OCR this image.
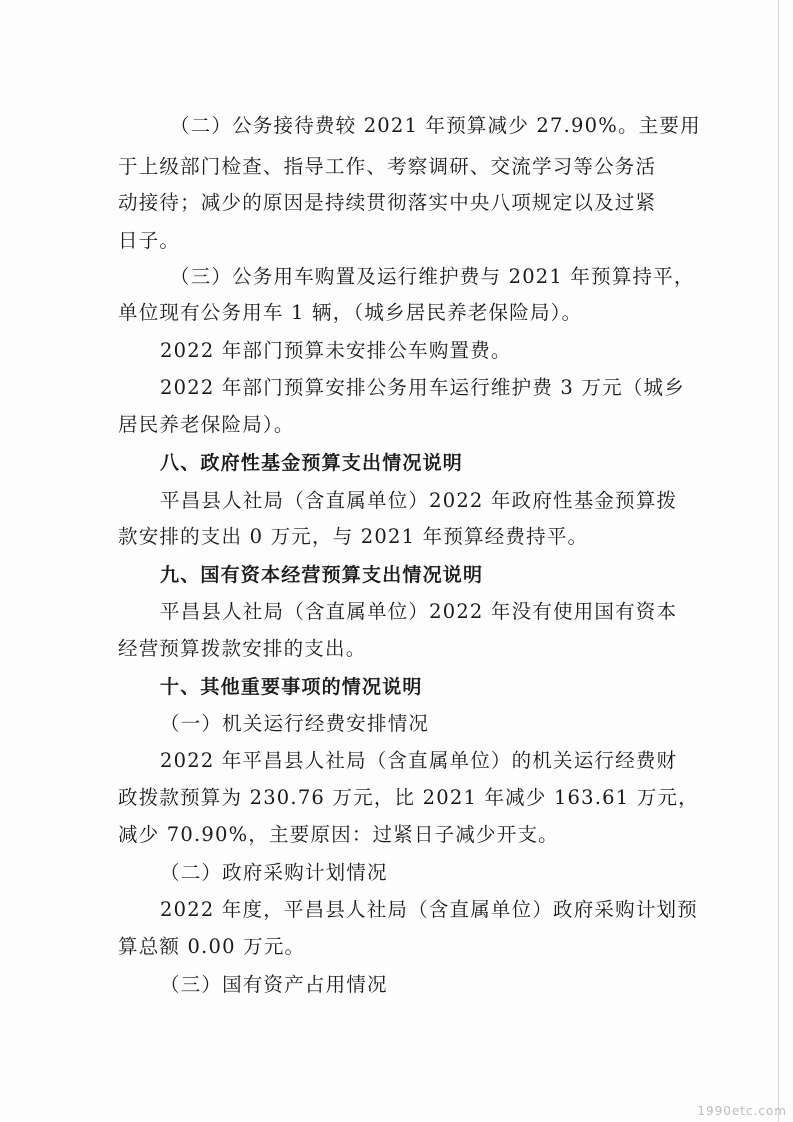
（二）公务接待费较 2021 年预算减少 27.90%。主要用
于上级部门检查、指导工作、考察调研、交流学习等公务活
动接待；减少的原因是持续贯彻落实中央八项规定以及过紧
日子。
（三）公务用车购置及运行维护费与 2021 年预算持平，
单位现有公务用车 1 辆，（城乡居民养老保险局）。
2022 年部门预算未安排公车购置费。
2022 年部门预算安排公务用车运行维护费 3 万元（城乡
居民养老保险局）。
八、政府性基金预算支出情况说明
平昌县人社局（含直属单位）2022 年政府性基金预算拨
款安排的支出 0 万元，与 2021 年预算经费持平。
九、国有资本经营预算支出情况说明
平昌县人社局（含直属单位）2022 年没有使用国有资本
经营预算拨款安排的支出。
十、其他重要事项的情况说明
（一）机关运行经费安排情况
2022 年平昌县人社局（含直属单位）的机关运行经费财
政拨款预算为 230.76 万元，比 2021 年减少 163.61 万元，
减少 70.90%，主要原因：过紧日子减少开支。
（二）政府采购计划情况
2022 年度，平昌县人社局（含直属单位）政府采购计划预
算总额 0.00 万元。
（三）国有资产占用情况
1990etc.com
